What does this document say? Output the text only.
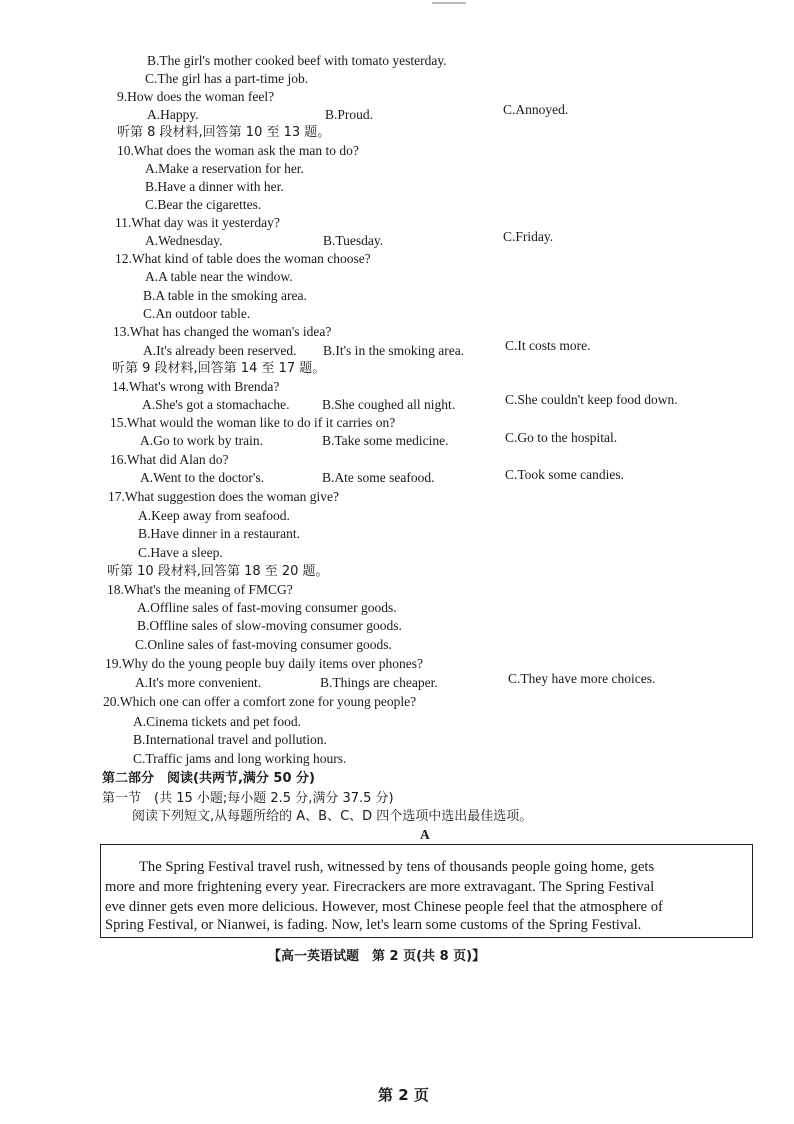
B.The girl's mother cooked beef with tomato yesterday.
C.The girl has a part-time job.
9.How does the woman feel?
A.Happy.	B.Proud.	C.Annoyed.
听第 8 段材料,回答第 10 至 13 题。
10.What does the woman ask the man to do?
A.Make a reservation for her.
B.Have a dinner with her.
C.Bear the cigarettes.
11.What day was it yesterday?
A.Wednesday.	B.Tuesday.	C.Friday.
12.What kind of table does the woman choose?
A.A table near the window.
B.A table in the smoking area.
C.An outdoor table.
13.What has changed the woman's idea?
A.It's already been reserved. B.It's in the smoking area.	C.It costs more.
听第 9 段材料,回答第 14 至 17 题。
14.What's wrong with Brenda?
A.She's got a stomachache. B.She coughed all night.	C.She couldn't keep food down.
15.What would the woman like to do if it carries on?
A.Go to work by train.	B.Take some medicine.	C.Go to the hospital.
16.What did Alan do?
A.Went to the doctor's.	B.Ate some seafood.	C.Took some candies.
17.What suggestion does the woman give?
A.Keep away from seafood.
B.Have dinner in a restaurant.
C.Have a sleep.
听第 10 段材料,回答第 18 至 20 题。
18.What's the meaning of FMCG?
A.Offline sales of fast-moving consumer goods.
B.Offline sales of slow-moving consumer goods.
C.Online sales of fast-moving consumer goods.
19.Why do the young people buy daily items over phones?
A.It's more convenient.	B.Things are cheaper.	C.They have more choices.
20.Which one can offer a comfort zone for young people?
A.Cinema tickets and pet food.
B.International travel and pollution.
C.Traffic jams and long working hours.
第二部分　阅读(共两节,满分 50 分)
第一节　(共 15 小题;每小题 2.5 分,满分 37.5 分)
阅读下列短文,从每题所给的 A、B、C、D 四个选项中选出最佳选项。
A
The Spring Festival travel rush, witnessed by tens of thousands people going home, gets
more and more frightening every year. Firecrackers are more extravagant. The Spring Festival
eve dinner gets even more delicious. However, most Chinese people feel that the atmosphere of
Spring Festival, or Nianwei, is fading. Now, let's learn some customs of the Spring Festival.
【高一英语试题　第 2 页(共 8 页)】
第 2 页
